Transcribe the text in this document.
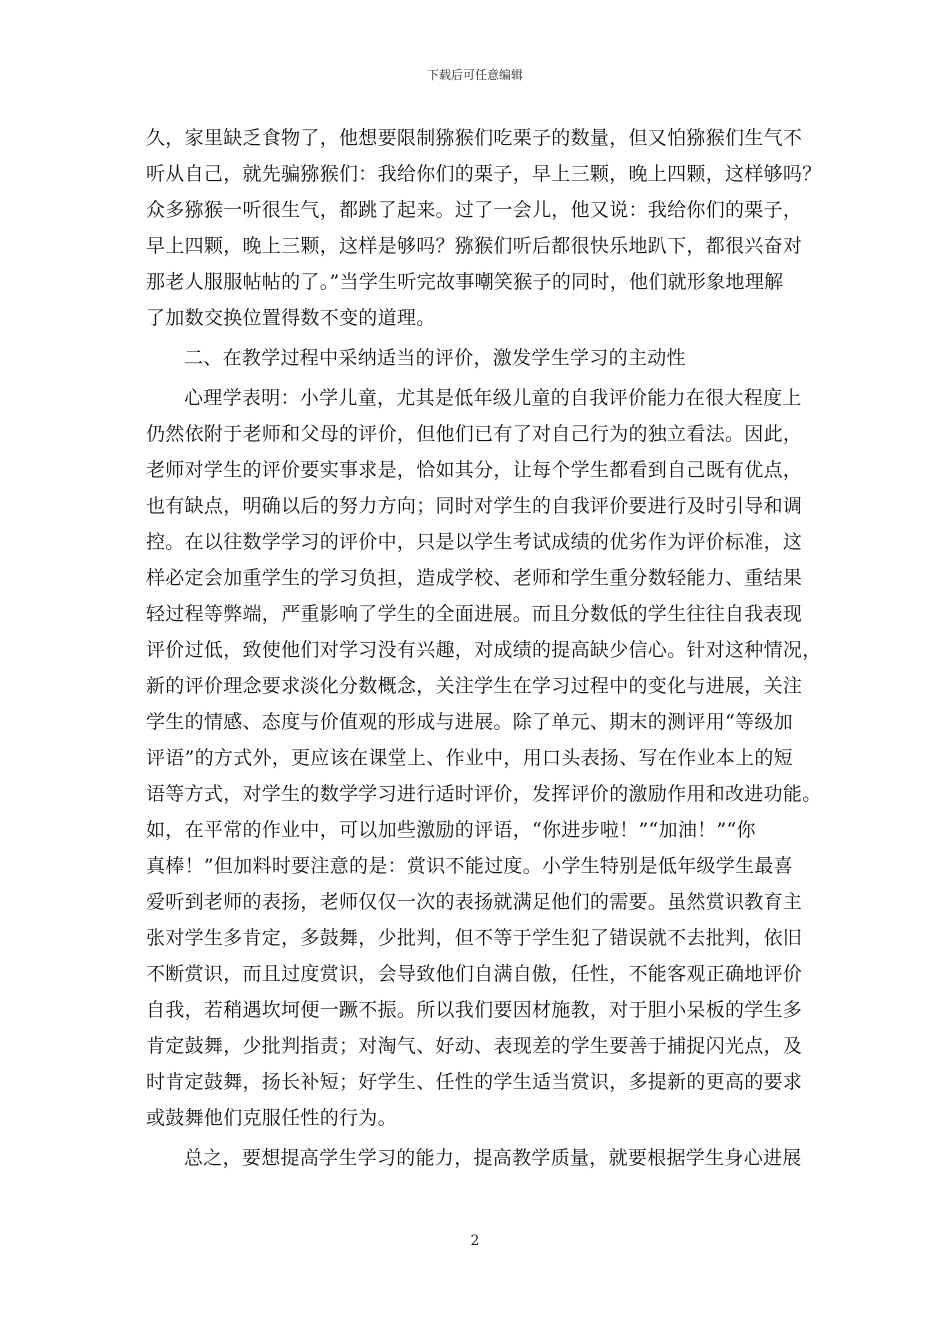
下载后可任意编辑
久，家里缺乏食物了，他想要限制猕猴们吃栗子的数量，但又怕猕猴们生气不
听从自己，就先骗猕猴们：我给你们的栗子，早上三颗，晚上四颗，这样够吗？
众多猕猴一听很生气，都跳了起来。过了一会儿，他又说：我给你们的栗子，
早上四颗，晚上三颗，这样是够吗？猕猴们听后都很快乐地趴下，都很兴奋对
那老人服服帖帖的了。”当学生听完故事嘲笑猴子的同时，他们就形象地理解
了加数交换位置得数不变的道理。
二、在教学过程中采纳适当的评价，激发学生学习的主动性
心理学表明：小学儿童，尤其是低年级儿童的自我评价能力在很大程度上
仍然依附于老师和父母的评价，但他们已有了对自己行为的独立看法。因此，
老师对学生的评价要实事求是，恰如其分，让每个学生都看到自己既有优点，
也有缺点，明确以后的努力方向；同时对学生的自我评价要进行及时引导和调
控。在以往数学学习的评价中，只是以学生考试成绩的优劣作为评价标准，这
样必定会加重学生的学习负担，造成学校、老师和学生重分数轻能力、重结果
轻过程等弊端，严重影响了学生的全面进展。而且分数低的学生往往自我表现
评价过低，致使他们对学习没有兴趣，对成绩的提高缺少信心。针对这种情况，
新的评价理念要求淡化分数概念，关注学生在学习过程中的变化与进展，关注
学生的情感、态度与价值观的形成与进展。除了单元、期末的测评用“等级加
评语”的方式外，更应该在课堂上、作业中，用口头表扬、写在作业本上的短
语等方式，对学生的数学学习进行适时评价，发挥评价的激励作用和改进功能。
如，在平常的作业中，可以加些激励的评语，“你进步啦！”“加油！”“你
真棒！”但加料时要注意的是：赏识不能过度。小学生特别是低年级学生最喜
爱听到老师的表扬，老师仅仅一次的表扬就满足他们的需要。虽然赏识教育主
张对学生多肯定，多鼓舞，少批判，但不等于学生犯了错误就不去批判，依旧
不断赏识，而且过度赏识，会导致他们自满自傲，任性，不能客观正确地评价
自我，若稍遇坎坷便一蹶不振。所以我们要因材施教，对于胆小呆板的学生多
肯定鼓舞，少批判指责；对淘气、好动、表现差的学生要善于捕捉闪光点，及
时肯定鼓舞，扬长补短；好学生、任性的学生适当赏识，多提新的更高的要求
或鼓舞他们克服任性的行为。
总之，要想提高学生学习的能力，提高教学质量，就要根据学生身心进展
2
